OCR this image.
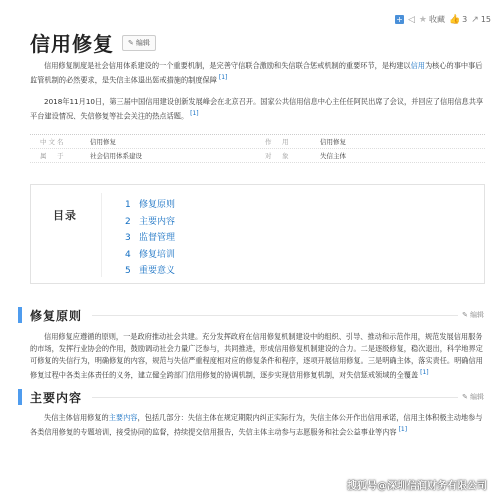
+ ◁ ★ 收藏 👍 3 ↗ 15
信用修复 ✎ 编辑

信用修复制度是社会信用体系建设的一个重要机制，是完善守信联合激励和失信联合惩戒机制的重要环节，是构建以信用为核心的事中事后监管机制的必然要求，是失信主体退出惩戒措施的制度保障 [1]

2018年11月10日，第三届中国信用建设创新发展峰会在北京召开。国家公共信用信息中心主任任阿民出席了会议，并回应了信用信息共享平台建设情况、失信修复等社会关注的热点话题。 [1]

中文名	信用修复	作　用	信用修复
属　于	社会信用体系建设	对　象	失信主体
目录
1 修复原则
2 主要内容
3 监督管理
4 修复培训
5 重要意义
修复原则	✎ 编辑

信用修复应遵循的原则，一是政府推动社会共建。充分发挥政府在信用修复机制建设中的组织、引导、推动和示范作用，规范发展信用服务的市场，发挥行业协会的作用，鼓励调动社会力量广泛参与，共同推进，形成信用修复机制建设的合力。二是逐级修复，稳次退出，科学地界定可修复的失信行为，明确修复的内容，规范与失信严重程度相对应的修复条件和程序，逐项开展信用修复。三是明确主体，落实责任。明确信用修复过程中各类主体责任的义务，建立健全跨部门信用修复的协调机制，逐步实现信用修复机制，对失信惩戒领域的全覆盖 [1]

主要内容	✎ 编辑

失信主体信用修复的主要内容，包括几部分：失信主体在规定期限内纠正实际行为，失信主体公开作出信用承诺，信用主体积极主动地参与各类信用修复的专题培训，接受协同的监督，持续提交信用报告，失信主体主动参与志愿服务和社会公益事业等内容 [1]

搜狐号@深圳信润财务有限公司
